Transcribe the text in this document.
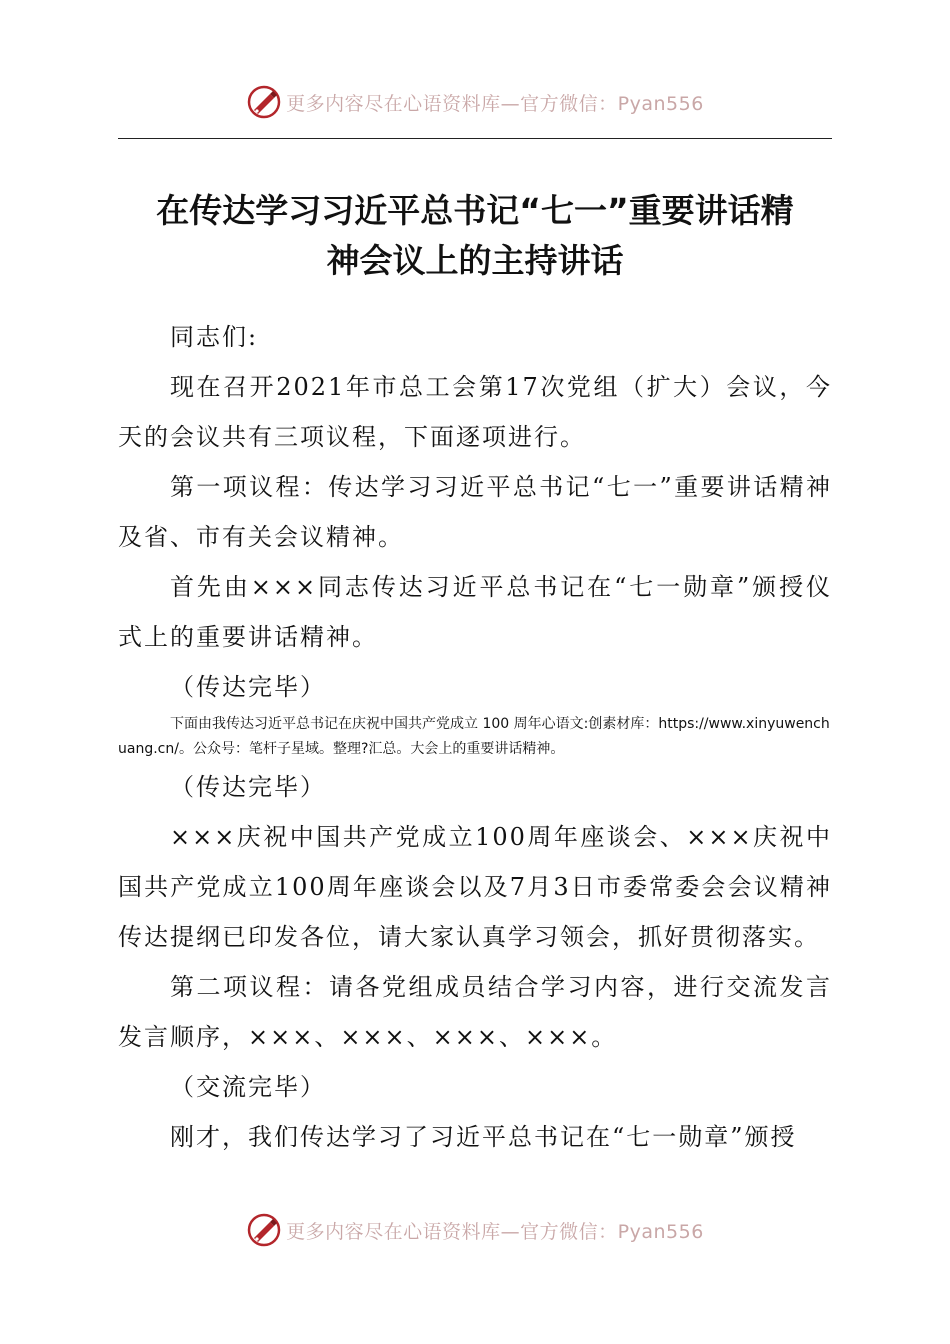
更多内容尽在心语资料库—官方微信：Pyan556
在传达学习习近平总书记“七一”重要讲话精
神会议上的主持讲话

同志们:

现在召开2021年市总工会第17次党组（扩大）会议，今天的会议共有三项议程，下面逐项进行。

第一项议程：传达学习习近平总书记“七一”重要讲话精神及省、市有关会议精神。

首先由×××同志传达习近平总书记在“七一勋章”颁授仪式上的重要讲话精神。

（传达完毕）

下面由我传达习近平总书记在庆祝中国共产党成立 100 周年心语文:创素材库：https://www.xinyuwenchuang.cn/。公众号：笔杆子星域。整理?汇总。大会上的重要讲话精神。

（传达完毕）

×××庆祝中国共产党成立100周年座谈会、×××庆祝中国共产党成立100周年座谈会以及7月3日市委常委会会议精神传达提纲已印发各位，请大家认真学习领会，抓好贯彻落实。

第二项议程：请各党组成员结合学习内容，进行交流发言发言顺序，×××、×××、×××、×××。

（交流完毕）

刚才，我们传达学习了习近平总书记在“七一勋章”颁授

更多内容尽在心语资料库—官方微信：Pyan556
